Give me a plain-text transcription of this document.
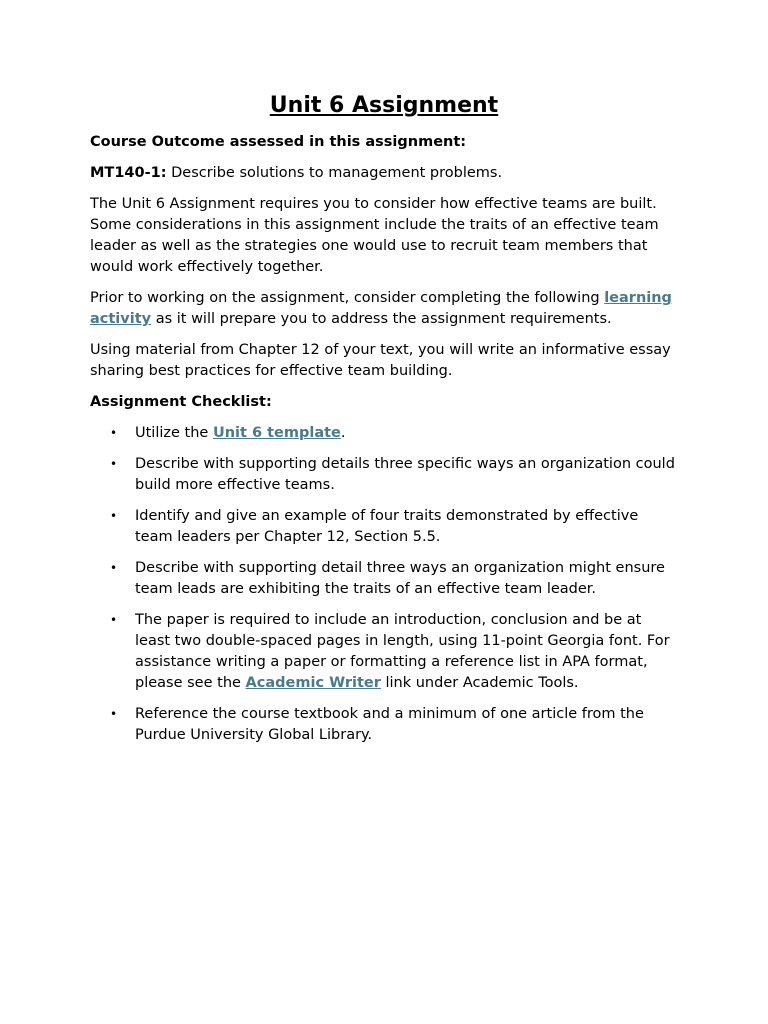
Unit 6 Assignment

Course Outcome assessed in this assignment:

MT140-1: Describe solutions to management problems.

The Unit 6 Assignment requires you to consider how effective teams are built. Some considerations in this assignment include the traits of an effective team leader as well as the strategies one would use to recruit team members that would work effectively together.

Prior to working on the assignment, consider completing the following learning activity as it will prepare you to address the assignment requirements.

Using material from Chapter 12 of your text, you will write an informative essay sharing best practices for effective team building.

Assignment Checklist:

• Utilize the Unit 6 template.
• Describe with supporting details three specific ways an organization could build more effective teams.
• Identify and give an example of four traits demonstrated by effective team leaders per Chapter 12, Section 5.5.
• Describe with supporting detail three ways an organization might ensure team leads are exhibiting the traits of an effective team leader.
• The paper is required to include an introduction, conclusion and be at least two double-spaced pages in length, using 11-point Georgia font. For assistance writing a paper or formatting a reference list in APA format, please see the Academic Writer link under Academic Tools.
• Reference the course textbook and a minimum of one article from the Purdue University Global Library.
